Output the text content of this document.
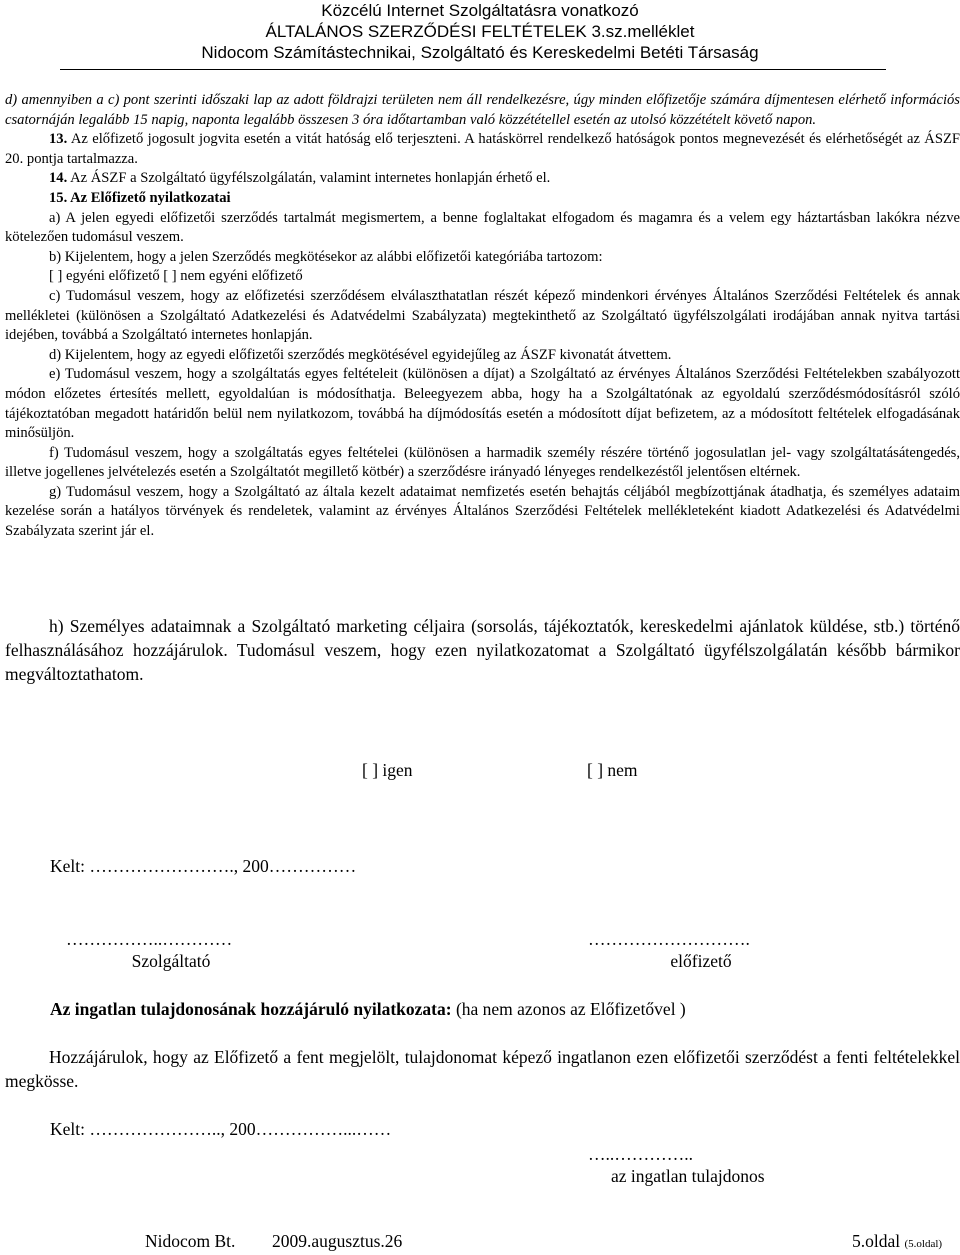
Közcélú Internet Szolgáltatásra vonatkozó
ÁLTALÁNOS SZERZŐDÉSI FELTÉTELEK 3.sz.melléklet
Nidocom Számítástechnikai, Szolgáltató és Kereskedelmi Betéti Társaság

d) amennyiben a c) pont szerinti időszaki lap az adott földrajzi területen nem áll rendelkezésre, úgy minden előfizetője számára díjmentesen elérhető információs csatornáján legalább 15 napig, naponta legalább összesen 3 óra időtartamban való közzététellel esetén az utolsó közzétételt követő napon.

13. Az előfizető jogosult jogvita esetén a vitát hatóság elő terjeszteni. A hatáskörrel rendelkező hatóságok pontos megnevezését és elérhetőségét az ÁSZF 20. pontja tartalmazza.

14. Az ÁSZF a Szolgáltató ügyfélszolgálatán, valamint internetes honlapján érhető el.

15. Az Előfizető nyilatkozatai

a) A jelen egyedi előfizetői szerződés tartalmát megismertem, a benne foglaltakat elfogadom és magamra és a velem egy háztartásban lakókra nézve kötelezően tudomásul veszem.

b) Kijelentem, hogy a jelen Szerződés megkötésekor az alábbi előfizetői kategóriába tartozom:

[ ] egyéni előfizető [ ] nem egyéni előfizető

c) Tudomásul veszem, hogy az előfizetési szerződésem elválaszthatatlan részét képező mindenkori érvényes Általános Szerződési Feltételek és annak mellékletei (különösen a Szolgáltató Adatkezelési és Adatvédelmi Szabályzata) megtekinthető az Szolgáltató ügyfélszolgálati irodájában annak nyitva tartási idejében, továbbá a Szolgáltató internetes honlapján.

d) Kijelentem, hogy az egyedi előfizetői szerződés megkötésével egyidejűleg az ÁSZF kivonatát átvettem.

e) Tudomásul veszem, hogy a szolgáltatás egyes feltételeit (különösen a díjat) a Szolgáltató az érvényes Általános Szerződési Feltételekben szabályozott módon előzetes értesítés mellett, egyoldalúan is módosíthatja. Beleegyezem abba, hogy ha a Szolgáltatónak az egyoldalú szerződésmódosításról szóló tájékoztatóban megadott határidőn belül nem nyilatkozom, továbbá ha díjmódosítás esetén a módosított díjat befizetem, az a módosított feltételek elfogadásának minősüljön.

f) Tudomásul veszem, hogy a szolgáltatás egyes feltételei (különösen a harmadik személy részére történő jogosulatlan jel- vagy szolgáltatásátengedés, illetve jogellenes jelvételezés esetén a Szolgáltatót megillető kötbér) a szerződésre irányadó lényeges rendelkezéstől jelentősen eltérnek.

g) Tudomásul veszem, hogy a Szolgáltató az általa kezelt adataimat nemfizetés esetén behajtás céljából megbízottjának átadhatja, és személyes adataim kezelése során a hatályos törvények és rendeletek, valamint az érvényes Általános Szerződési Feltételek mellékleteként kiadott Adatkezelési és Adatvédelmi Szabályzata szerint jár el.

h) Személyes adataimnak a Szolgáltató marketing céljaira (sorsolás, tájékoztatók, kereskedelmi ajánlatok küldése, stb.) történő felhasználásához hozzájárulok. Tudomásul veszem, hogy ezen nyilatkozatomat a Szolgáltató ügyfélszolgálatán később bármikor megváltoztathatom.

[ ] igen	[ ] nem
Kelt: ……………………., 200……………
……………..…………	……………………….
Szolgáltató	előfizető
Az ingatlan tulajdonosának hozzájáruló nyilatkozata: (ha nem azonos az Előfizetővel )

Hozzájárulok, hogy az Előfizető a fent megjelölt, tulajdonomat képező ingatlanon ezen előfizetői szerződést a fenti feltételekkel megkösse.

Kelt: ………………….., 200……………...……
…..…………..
az ingatlan tulajdonos
Nidocom Bt. 2009.augusztus.26	5.oldal (5.oldal)
